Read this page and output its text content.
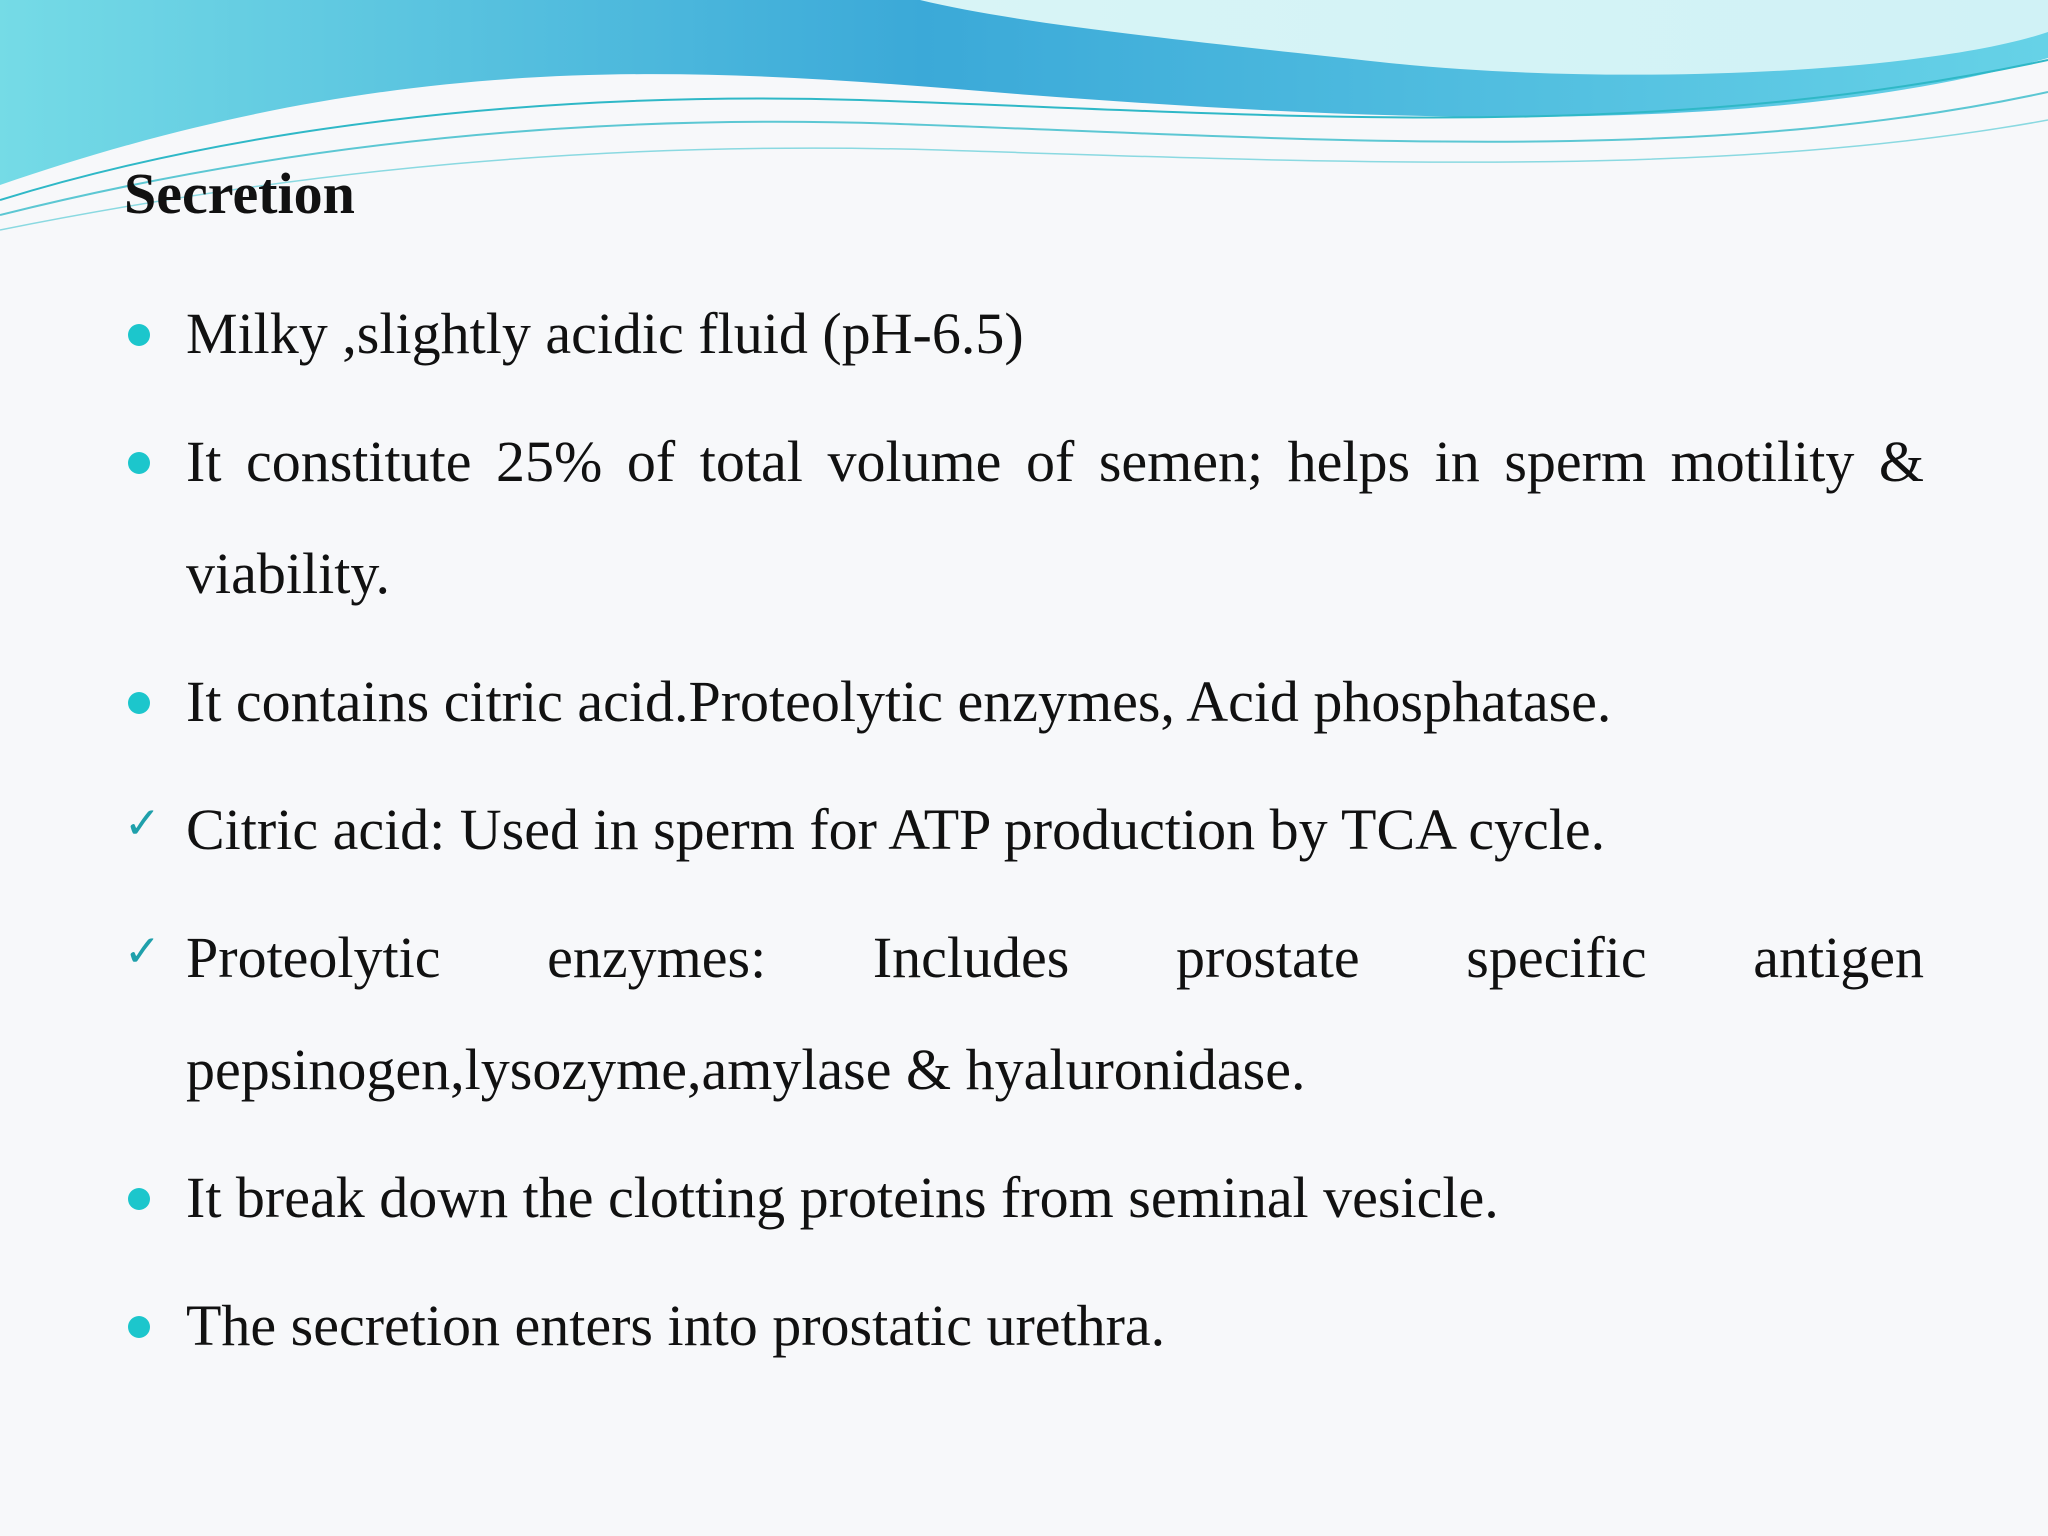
Secretion
Milky ,slightly acidic fluid (pH-6.5)
It constitute 25% of total volume of semen; helps in sperm motility & viability.
It contains citric acid.Proteolytic enzymes, Acid phosphatase.
✓ Citric acid: Used in sperm for ATP production by TCA cycle.
✓ Proteolytic enzymes: Includes prostate specific antigen pepsinogen,lysozyme,amylase & hyaluronidase.
It break down the clotting proteins from seminal vesicle.
The secretion enters into prostatic urethra.
